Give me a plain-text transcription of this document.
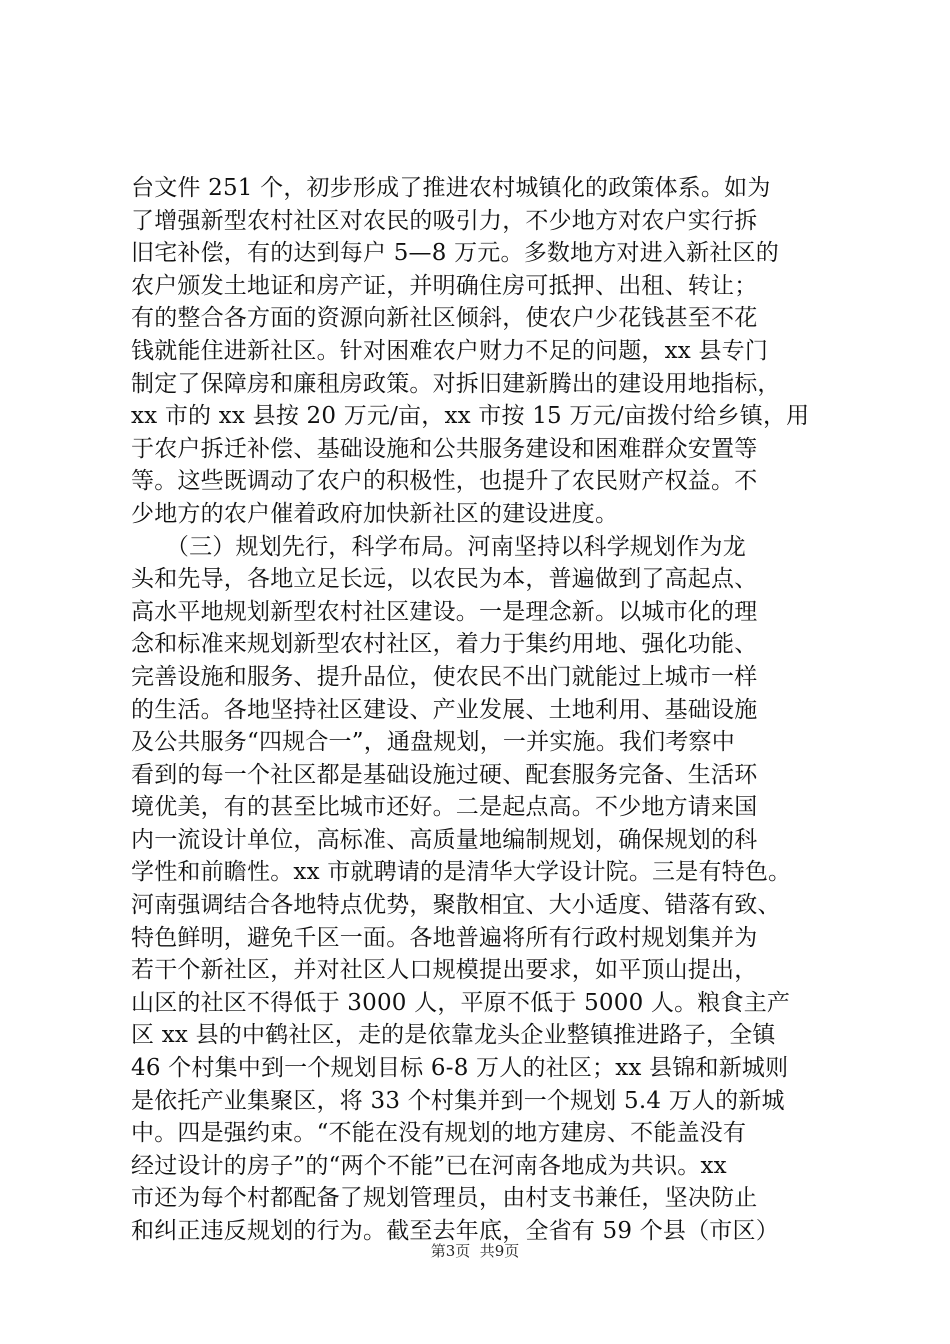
台文件 251 个，初步形成了推进农村城镇化的政策体系。如为
了增强新型农村社区对农民的吸引力，不少地方对农户实行拆
旧宅补偿，有的达到每户 5—8 万元。多数地方对进入新社区的
农户颁发土地证和房产证，并明确住房可抵押、出租、转让；
有的整合各方面的资源向新社区倾斜，使农户少花钱甚至不花
钱就能住进新社区。针对困难农户财力不足的问题，xx 县专门
制定了保障房和廉租房政策。对拆旧建新腾出的建设用地指标，
xx 市的 xx 县按 20 万元/亩，xx 市按 15 万元/亩拨付给乡镇，用
于农户拆迁补偿、基础设施和公共服务建设和困难群众安置等
等。这些既调动了农户的积极性，也提升了农民财产权益。不
少地方的农户催着政府加快新社区的建设进度。
　　（三）规划先行，科学布局。河南坚持以科学规划作为龙
头和先导，各地立足长远，以农民为本，普遍做到了高起点、
高水平地规划新型农村社区建设。一是理念新。以城市化的理
念和标准来规划新型农村社区，着力于集约用地、强化功能、
完善设施和服务、提升品位，使农民不出门就能过上城市一样
的生活。各地坚持社区建设、产业发展、土地利用、基础设施
及公共服务“四规合一”，通盘规划，一并实施。我们考察中
看到的每一个社区都是基础设施过硬、配套服务完备、生活环
境优美，有的甚至比城市还好。二是起点高。不少地方请来国
内一流设计单位，高标准、高质量地编制规划，确保规划的科
学性和前瞻性。xx 市就聘请的是清华大学设计院。三是有特色。
河南强调结合各地特点优势，聚散相宜、大小适度、错落有致、
特色鲜明，避免千区一面。各地普遍将所有行政村规划集并为
若干个新社区，并对社区人口规模提出要求，如平顶山提出，
山区的社区不得低于 3000 人，平原不低于 5000 人。粮食主产
区 xx 县的中鹤社区，走的是依靠龙头企业整镇推进路子，全镇
46 个村集中到一个规划目标 6-8 万人的社区；xx 县锦和新城则
是依托产业集聚区，将 33 个村集并到一个规划 5.4 万人的新城
中。四是强约束。“不能在没有规划的地方建房、不能盖没有
经过设计的房子”的“两个不能”已在河南各地成为共识。xx
市还为每个村都配备了规划管理员，由村支书兼任，坚决防止
和纠正违反规划的行为。截至去年底，全省有 59 个县（市区）
第3页  共9页
